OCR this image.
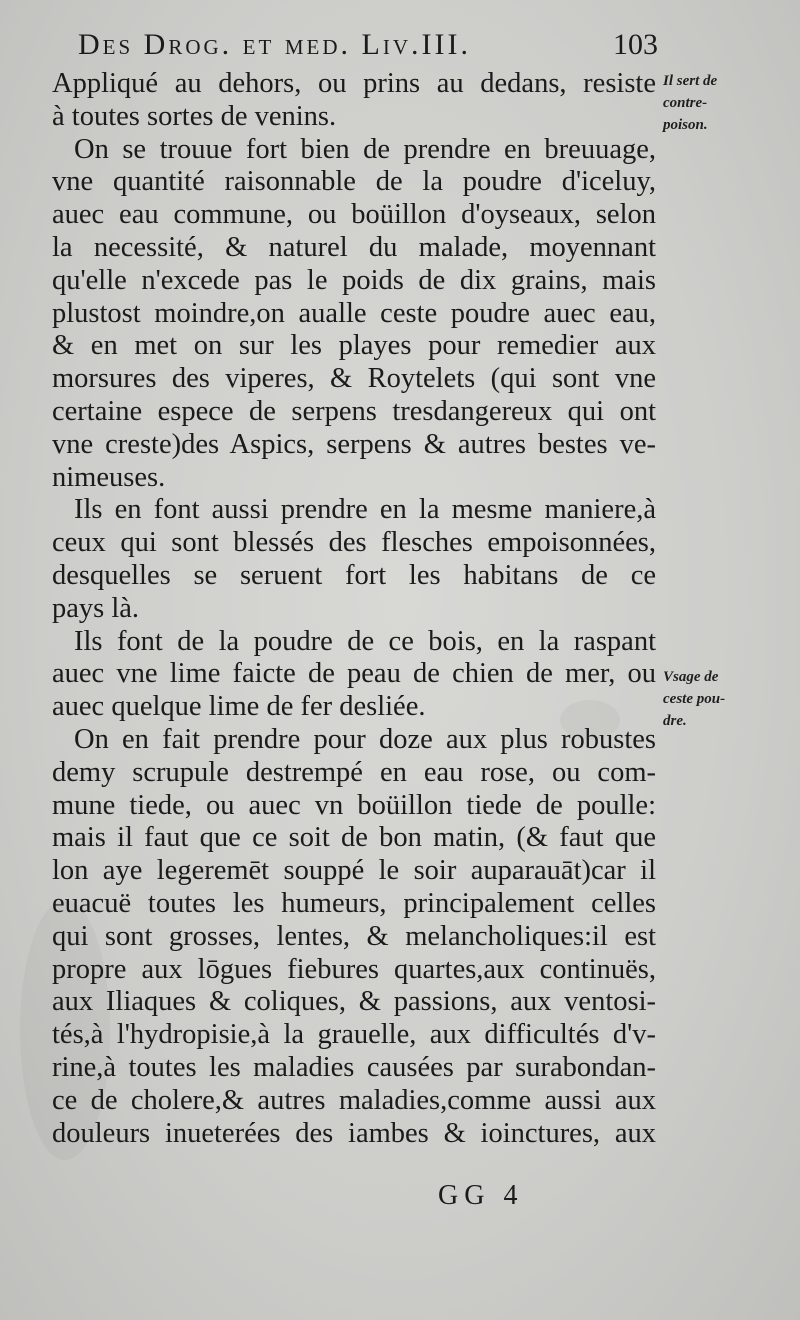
Des Drog. et med. Liv.III.	103
Appliqué au dehors, ou prins au dedans, resiste
à toutes sortes de venins.
On se trouue fort bien de prendre en breuuage,
vne quantité raisonnable de la poudre d'iceluy,
auec eau commune, ou boüillon d'oyseaux, selon
la necessité, & naturel du malade, moyennant
qu'elle n'excede pas le poids de dix grains, mais
plustost moindre,on aualle ceste poudre auec eau,
& en met on sur les playes pour remedier aux
morsures des viperes, & Roytelets (qui sont vne
certaine espece de serpens tresdangereux qui ont
vne creste)des Aspics, serpens & autres bestes ve-
nimeuses.
Ils en font aussi prendre en la mesme maniere,à
ceux qui sont blessés des flesches empoisonnées,
desquelles se seruent fort les habitans de ce
pays là.
Ils font de la poudre de ce bois, en la raspant
auec vne lime faicte de peau de chien de mer, ou
auec quelque lime de fer desliée.
On en fait prendre pour doze aux plus robustes
demy scrupule destrempé en eau rose, ou com-
mune tiede, ou auec vn boüillon tiede de poulle:
mais il faut que ce soit de bon matin, (& faut que
lon aye legeremēt souppé le soir auparauāt)car il
euacuë toutes les humeurs, principalement celles
qui sont grosses, lentes, & melancholiques:il est
propre aux lōgues fiebures quartes,aux continuës,
aux Iliaques & coliques, & passions, aux ventosi-
tés,à l'hydropisie,à la grauelle, aux difficultés d'v-
rine,à toutes les maladies causées par surabondan-
ce de cholere,& autres maladies,comme aussi aux
douleurs inueterées des iambes & ioinctures, aux
Il sert de
contre-
poison.
Vsage de
ceste pou-
dre.
GG 4
